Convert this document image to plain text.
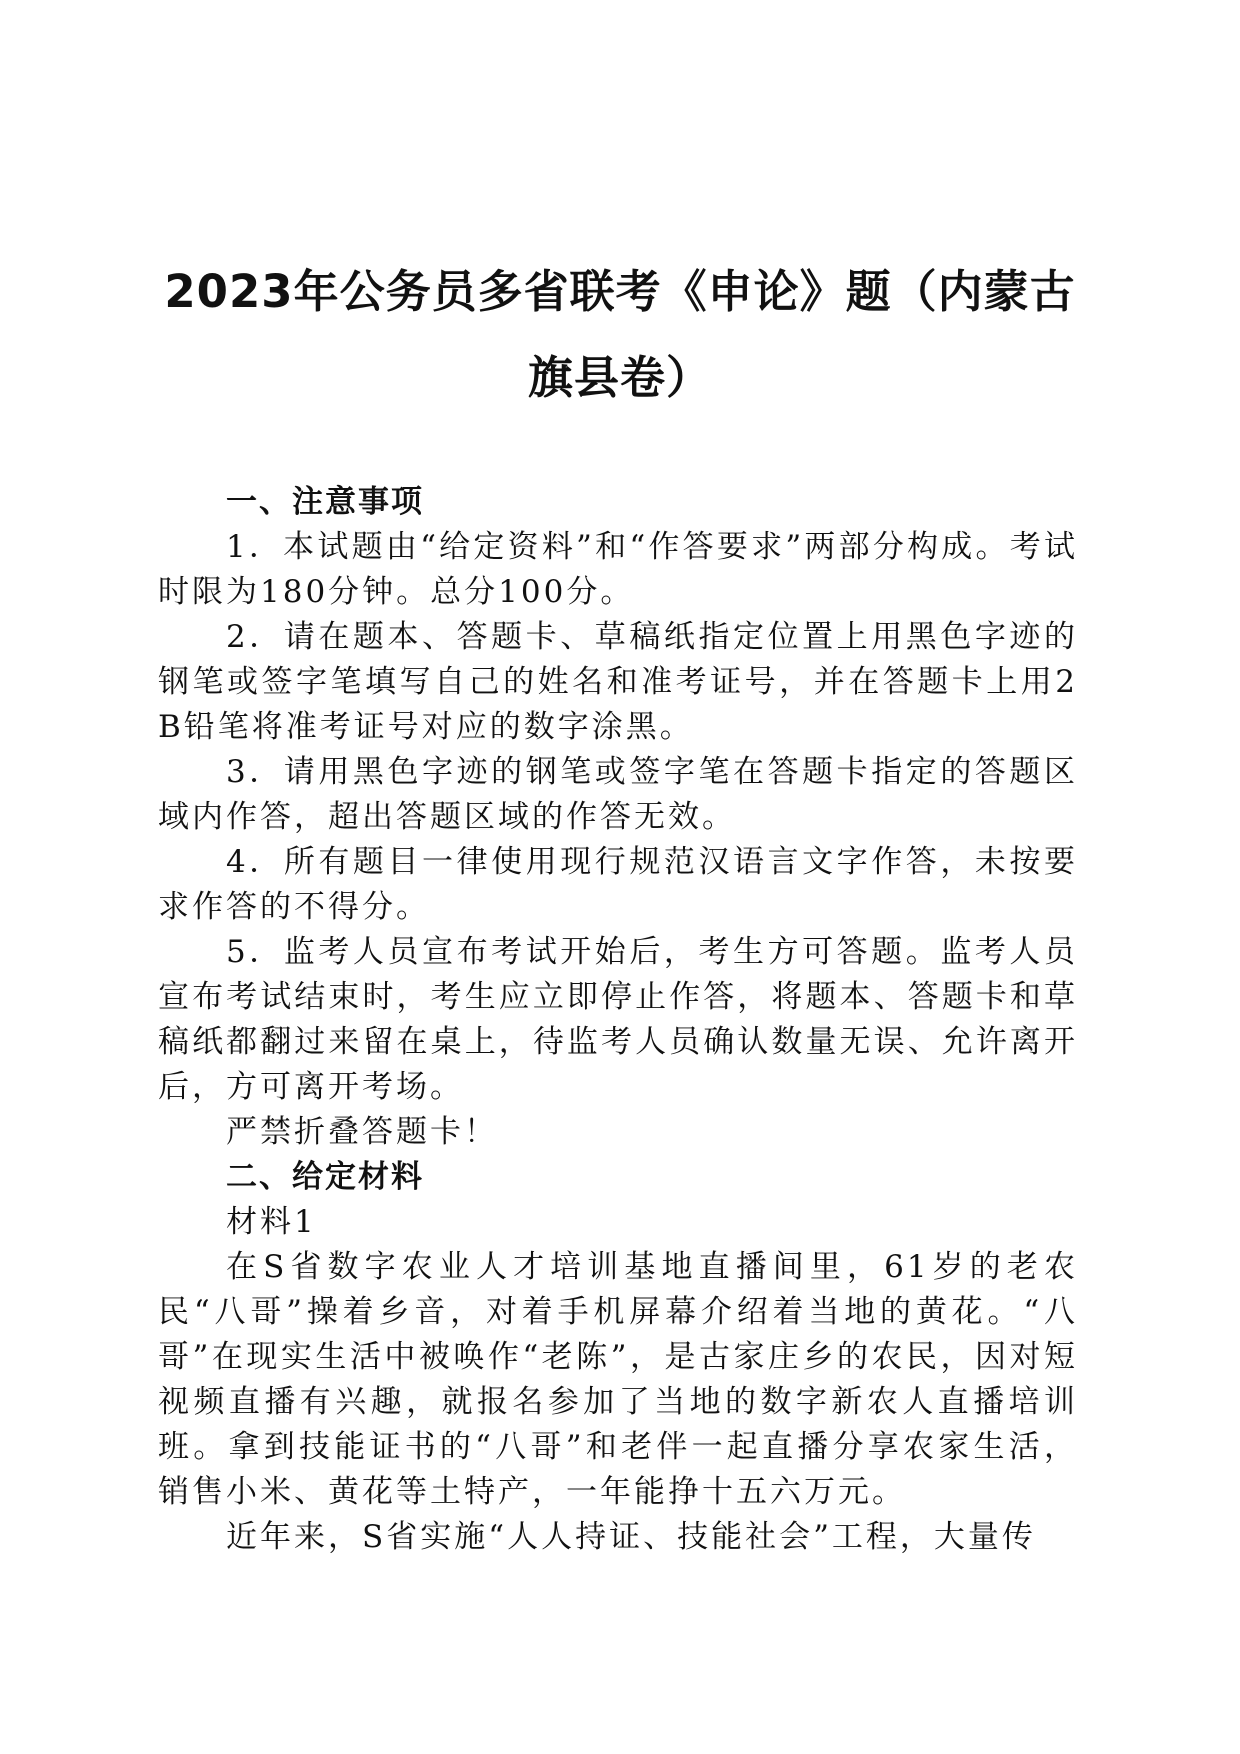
2023年公务员多省联考《申论》题（内蒙古
旗县卷）

一、注意事项

1．本试题由“给定资料”和“作答要求”两部分构成。考试时限为180分钟。总分100分。

2．请在题本、答题卡、草稿纸指定位置上用黑色字迹的钢笔或签字笔填写自己的姓名和准考证号，并在答题卡上用2B铅笔将准考证号对应的数字涂黑。

3．请用黑色字迹的钢笔或签字笔在答题卡指定的答题区域内作答，超出答题区域的作答无效。

4．所有题目一律使用现行规范汉语言文字作答，未按要求作答的不得分。

5．监考人员宣布考试开始后，考生方可答题。监考人员宣布考试结束时，考生应立即停止作答，将题本、答题卡和草稿纸都翻过来留在桌上，待监考人员确认数量无误、允许离开后，方可离开考场。

严禁折叠答题卡！

二、给定材料

材料1

在S省数字农业人才培训基地直播间里，61岁的老农民“八哥”操着乡音，对着手机屏幕介绍着当地的黄花。“八哥”在现实生活中被唤作“老陈”，是古家庄乡的农民，因对短视频直播有兴趣，就报名参加了当地的数字新农人直播培训班。拿到技能证书的“八哥”和老伴一起直播分享农家生活，销售小米、黄花等土特产，一年能挣十五六万元。

近年来，S省实施“人人持证、技能社会”工程，大量传
